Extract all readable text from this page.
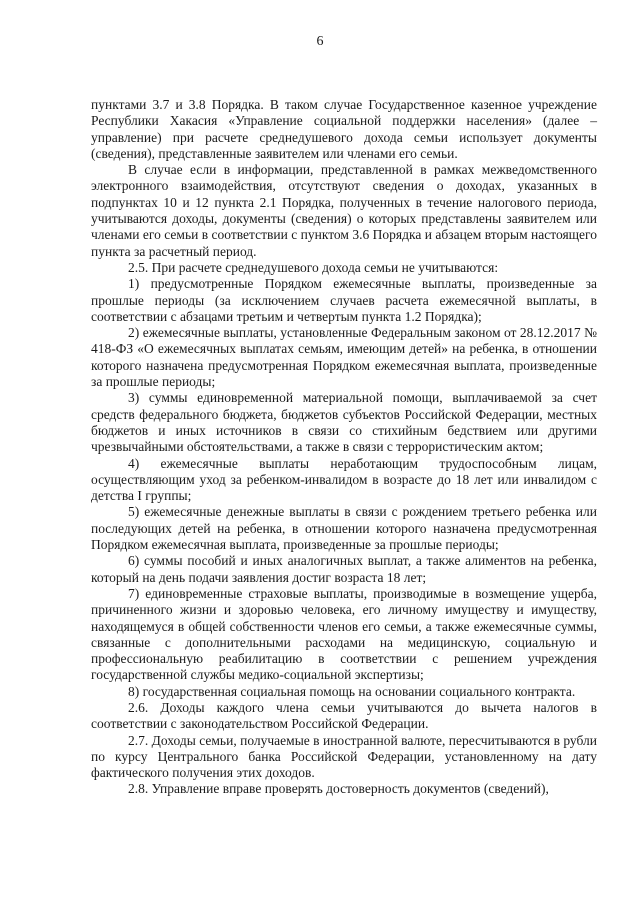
6

пунктами 3.7 и 3.8 Порядка. В таком случае Государственное казенное учреждение Республики Хакасия «Управление социальной поддержки населения» (далее – управление) при расчете среднедушевого дохода семьи использует документы (сведения), представленные заявителем или членами его семьи.

В случае если в информации, представленной в рамках межведомственного электронного взаимодействия, отсутствуют сведения о доходах, указанных в подпунктах 10 и 12 пункта 2.1 Порядка, полученных в течение налогового периода, учитываются доходы, документы (сведения) о которых представлены заявителем или членами его семьи в соответствии с пунктом 3.6 Порядка и абзацем вторым настоящего пункта за расчетный период.

2.5. При расчете среднедушевого дохода семьи не учитываются:

1) предусмотренные Порядком ежемесячные выплаты, произведенные за прошлые периоды (за исключением случаев расчета ежемесячной выплаты, в соответствии с абзацами третьим и четвертым пункта 1.2 Порядка);

2) ежемесячные выплаты, установленные Федеральным законом от 28.12.2017 № 418-ФЗ «О ежемесячных выплатах семьям, имеющим детей» на ребенка, в отношении которого назначена предусмотренная Порядком ежемесячная выплата, произведенные за прошлые периоды;

3) суммы единовременной материальной помощи, выплачиваемой за счет средств федерального бюджета, бюджетов субъектов Российской Федерации, местных бюджетов и иных источников в связи со стихийным бедствием или другими чрезвычайными обстоятельствами, а также в связи с террористическим актом;

4) ежемесячные выплаты неработающим трудоспособным лицам, осуществляющим уход за ребенком-инвалидом в возрасте до 18 лет или инвалидом с детства I группы;

5) ежемесячные денежные выплаты в связи с рождением третьего ребенка или последующих детей на ребенка, в отношении которого назначена предусмотренная Порядком ежемесячная выплата, произведенные за прошлые периоды;

6) суммы пособий и иных аналогичных выплат, а также алиментов на ребенка, который на день подачи заявления достиг возраста 18 лет;

7) единовременные страховые выплаты, производимые в возмещение ущерба, причиненного жизни и здоровью человека, его личному имуществу и имуществу, находящемуся в общей собственности членов его семьи, а также ежемесячные суммы, связанные с дополнительными расходами на медицинскую, социальную и профессиональную реабилитацию в соответствии с решением учреждения государственной службы медико-социальной экспертизы;

8) государственная социальная помощь на основании социального контракта.

2.6. Доходы каждого члена семьи учитываются до вычета налогов в соответствии с законодательством Российской Федерации.

2.7. Доходы семьи, получаемые в иностранной валюте, пересчитываются в рубли по курсу Центрального банка Российской Федерации, установленному на дату фактического получения этих доходов.

2.8. Управление вправе проверять достоверность документов (сведений),
